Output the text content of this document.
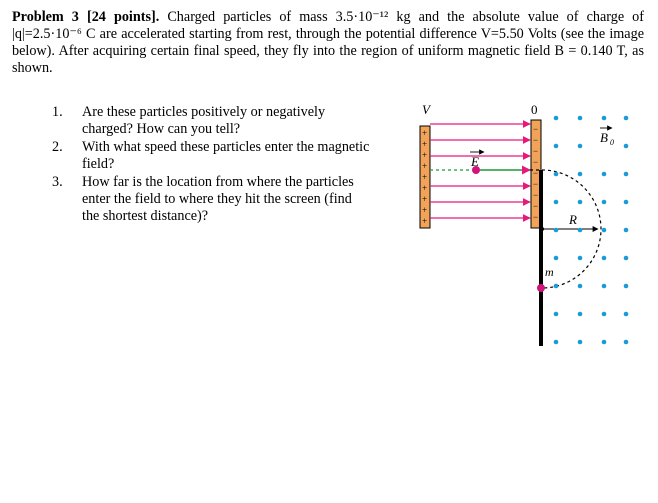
Problem 3 [24 points]. Charged particles of mass 3.5·10⁻¹² kg and the absolute value of charge of |q|=2.5·10⁻⁶ C are accelerated starting from rest, through the potential difference V=5.50 Volts (see the image below). After acquiring certain final speed, they fly into the region of uniform magnetic field B = 0.140 T, as shown.

1. Are these particles positively or negatively charged? How can you tell?
2. With what speed these particles enter the magnetic field?
3. How far is the location from where the particles enter the field to where they hit the screen (find the shortest distance)?
+
+
+
+
+
+
+
+
+
−
−
−
−
−
−
−
−
−
E
V	0
R
m
B 0
